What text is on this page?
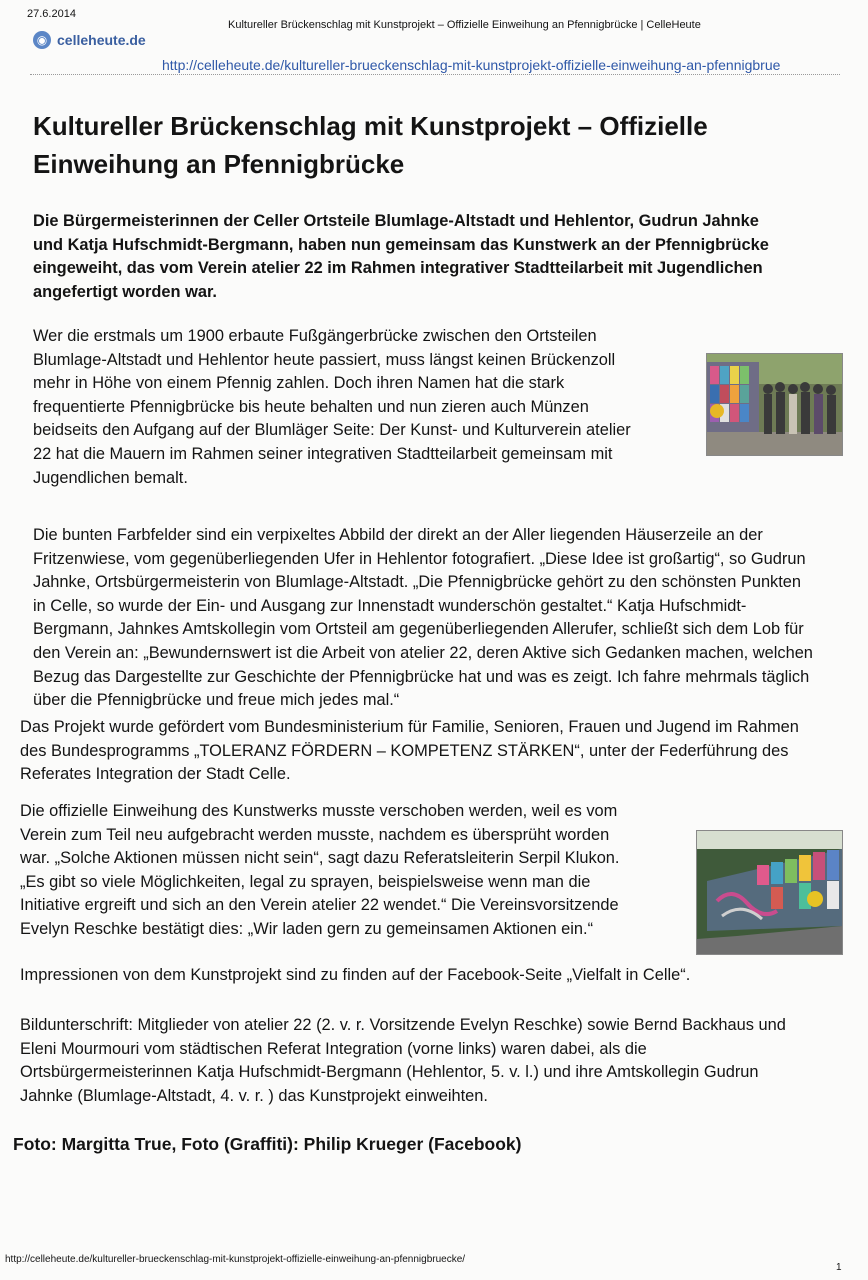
27.6.2014
Kultureller Brückenschlag mit Kunstprojekt – Offizielle Einweihung an Pfennigbrücke | CelleHeute
◉ celleheute.de
http://celleheute.de/kultureller-brueckenschlag-mit-kunstprojekt-offizielle-einweihung-an-pfennigbrue
Kultureller Brückenschlag mit Kunstprojekt – Offizielle Einweihung an Pfennigbrücke
Die Bürgermeisterinnen der Celler Ortsteile Blumlage-Altstadt und Hehlentor, Gudrun Jahnke
und Katja Hufschmidt-Bergmann, haben nun gemeinsam das Kunstwerk an der Pfennigbrücke
eingeweiht, das vom Verein atelier 22 im Rahmen integrativer Stadtteilarbeit mit Jugendlichen
angefertigt worden war.
Wer die erstmals um 1900 erbaute Fußgängerbrücke zwischen den Ortsteilen
Blumlage-Altstadt und Hehlentor heute passiert, muss längst keinen Brückenzoll
mehr in Höhe von einem Pfennig zahlen. Doch ihren Namen hat die stark
frequentierte Pfennigbrücke bis heute behalten und nun zieren auch Münzen
beidseits den Aufgang auf der Blumläger Seite: Der Kunst- und Kulturverein atelier
22 hat die Mauern im Rahmen seiner integrativen Stadtteilarbeit gemeinsam mit
Jugendlichen bemalt.
Die bunten Farbfelder sind ein verpixeltes Abbild der direkt an der Aller liegenden Häuserzeile an der
Fritzenwiese, vom gegenüberliegenden Ufer in Hehlentor fotografiert. „Diese Idee ist großartig“, so Gudrun
Jahnke, Ortsbürgermeisterin von Blumlage-Altstadt. „Die Pfennigbrücke gehört zu den schönsten Punkten
in Celle, so wurde der Ein- und Ausgang zur Innenstadt wunderschön gestaltet.“ Katja Hufschmidt-
Bergmann, Jahnkes Amtskollegin vom Ortsteil am gegenüberliegenden Allerufer, schließt sich dem Lob für
den Verein an: „Bewundernswert ist die Arbeit von atelier 22, deren Aktive sich Gedanken machen, welchen
Bezug das Dargestellte zur Geschichte der Pfennigbrücke hat und was es zeigt. Ich fahre mehrmals täglich
über die Pfennigbrücke und freue mich jedes mal.“
Das Projekt wurde gefördert vom Bundesministerium für Familie, Senioren, Frauen und Jugend im Rahmen
des Bundesprogramms „TOLERANZ FÖRDERN – KOMPETENZ STÄRKEN“, unter der Federführung des
Referates Integration der Stadt Celle.
Die offizielle Einweihung des Kunstwerks musste verschoben werden, weil es vom
Verein zum Teil neu aufgebracht werden musste, nachdem es übersprüht worden
war. „Solche Aktionen müssen nicht sein“, sagt dazu Referatsleiterin Serpil Klukon.
„Es gibt so viele Möglichkeiten, legal zu sprayen, beispielsweise wenn man die
Initiative ergreift und sich an den Verein atelier 22 wendet.“ Die Vereinsvorsitzende
Evelyn Reschke bestätigt dies: „Wir laden gern zu gemeinsamen Aktionen ein.“
Impressionen von dem Kunstprojekt sind zu finden auf der Facebook-Seite „Vielfalt in Celle“.
Bildunterschrift: Mitglieder von atelier 22 (2. v. r. Vorsitzende Evelyn Reschke) sowie Bernd Backhaus und
Eleni Mourmouri vom städtischen Referat Integration (vorne links) waren dabei, als die
Ortsbürgermeisterinnen Katja Hufschmidt-Bergmann (Hehlentor, 5. v. l.) und ihre Amtskollegin Gudrun
Jahnke (Blumlage-Altstadt, 4. v. r. ) das Kunstprojekt einweihten.
Foto: Margitta True, Foto (Graffiti): Philip Krueger (Facebook)
http://celleheute.de/kultureller-brueckenschlag-mit-kunstprojekt-offizielle-einweihung-an-pfennigbruecke/
1
